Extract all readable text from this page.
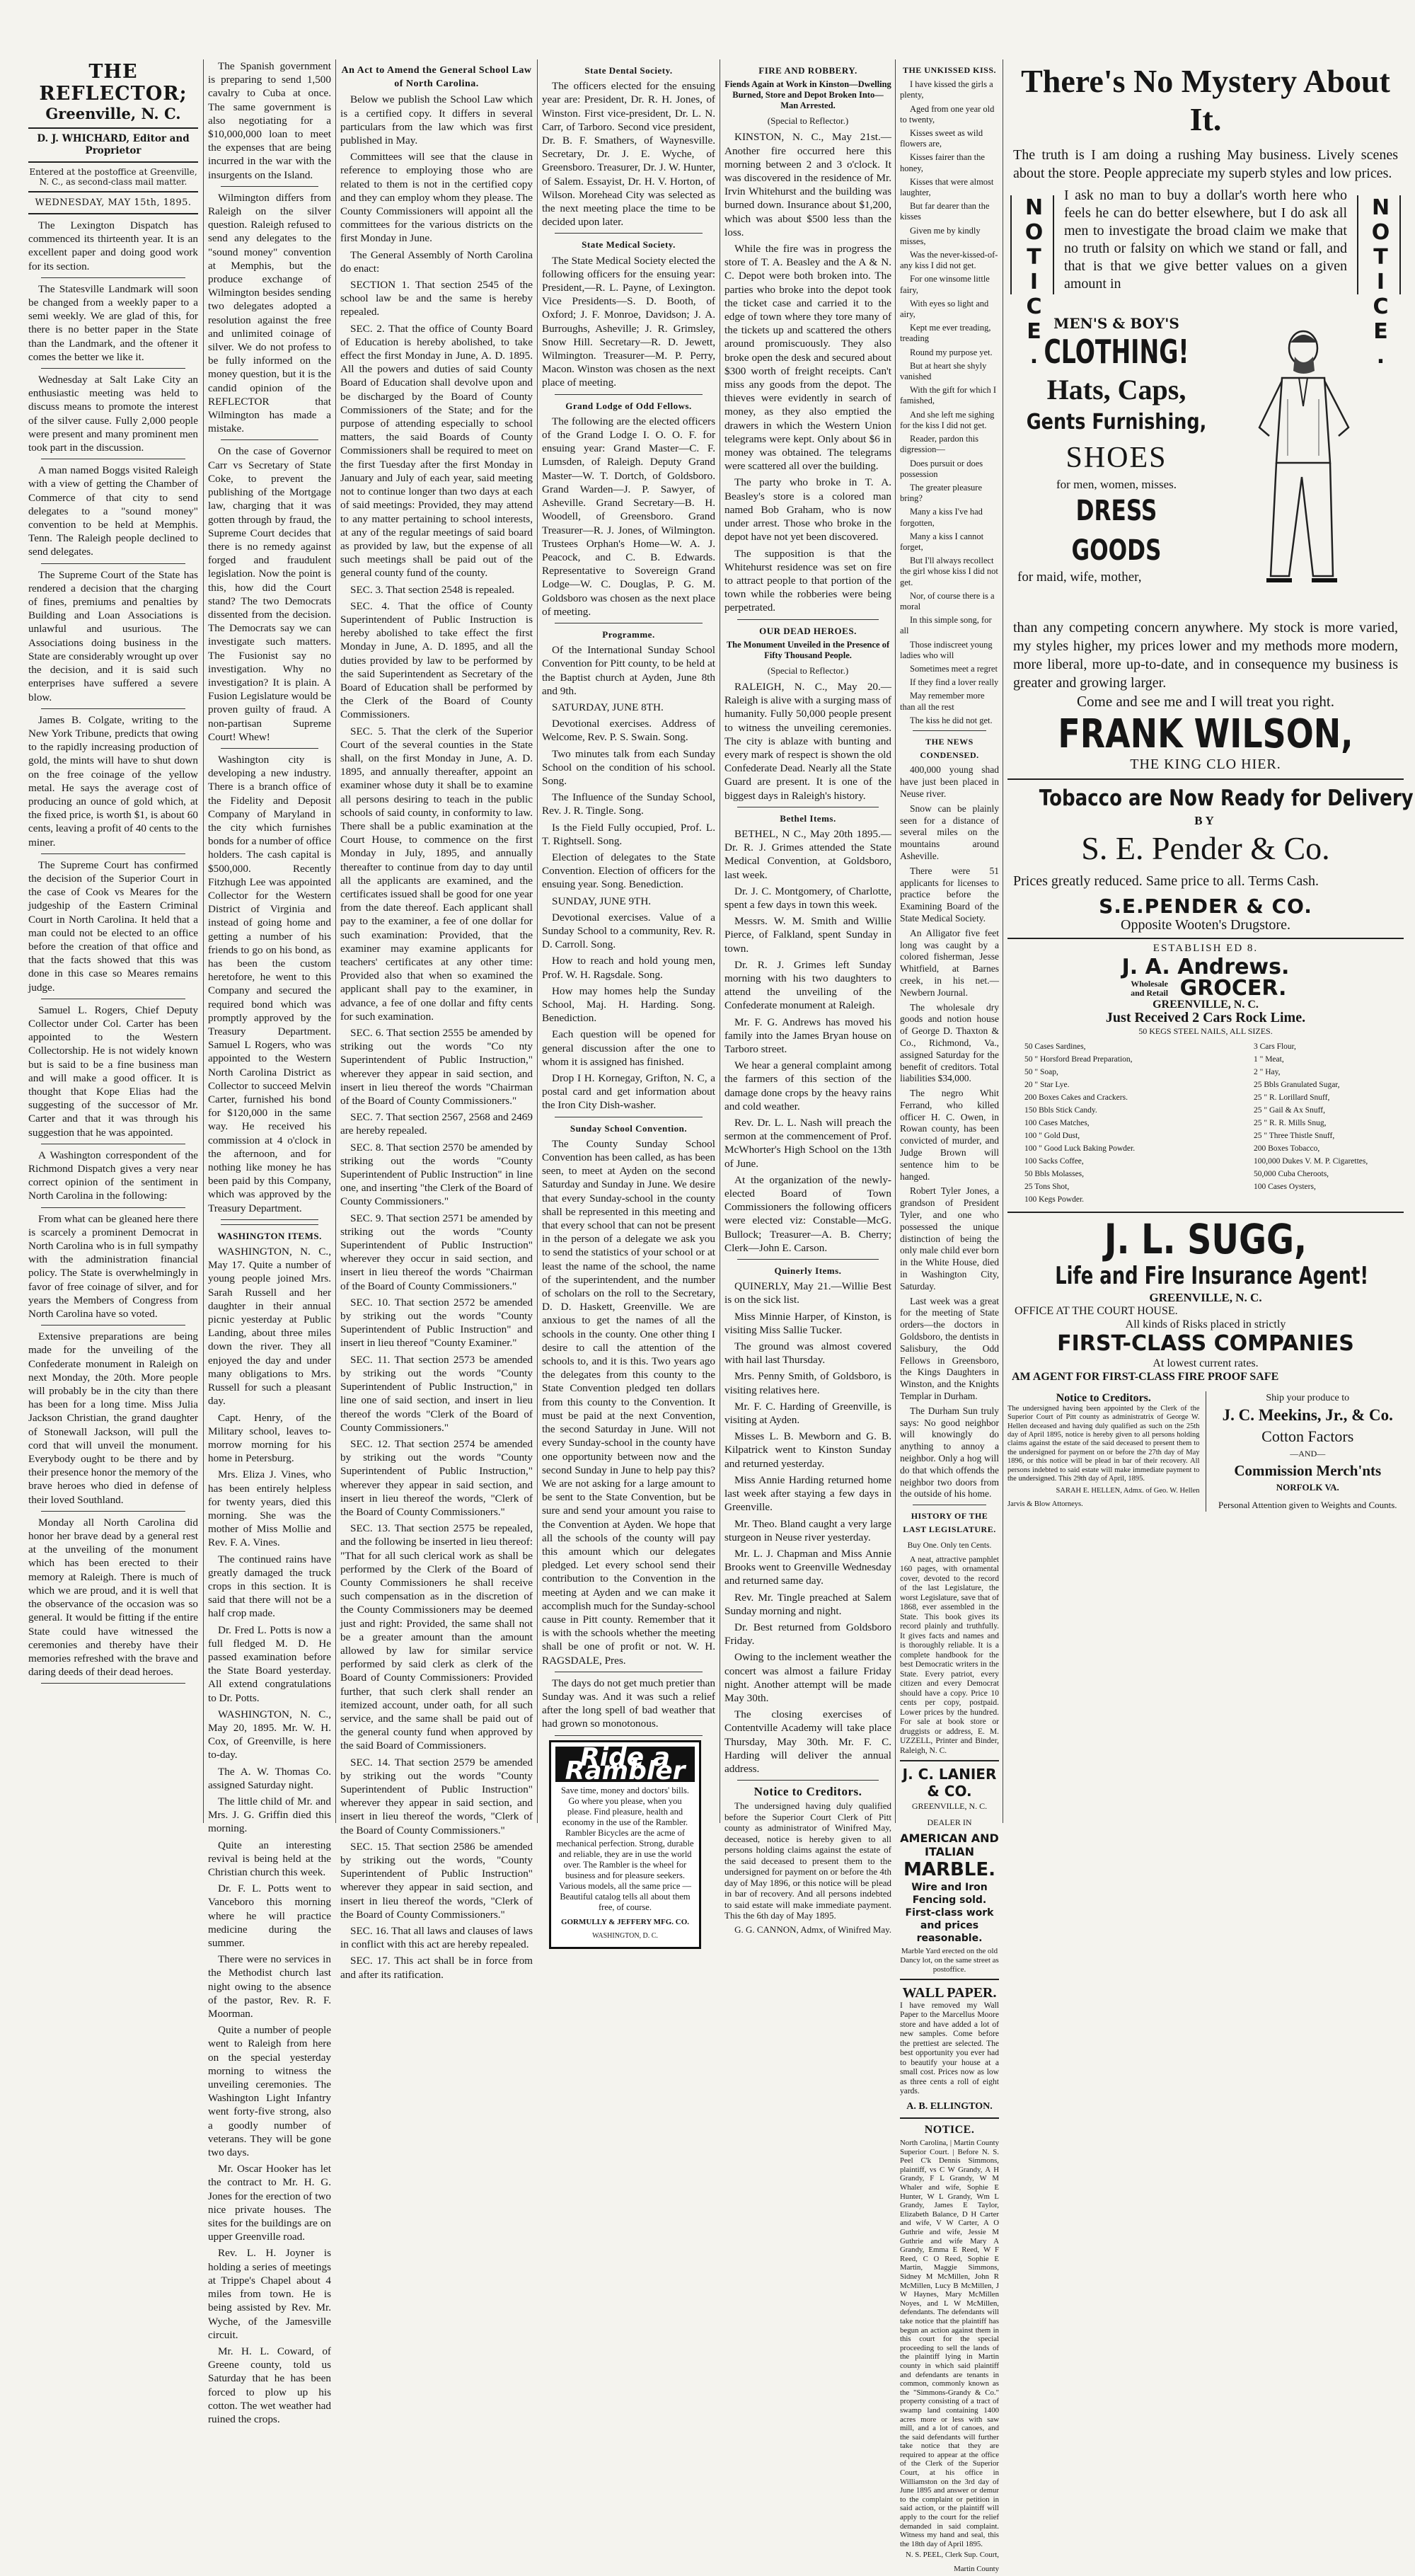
THE REFLECTOR;
Greenville, N. C.
D. J. WHICHARD, Editor and Proprietor
Entered at the postoffice at Greenville, N. C., as second-class mail matter.
WEDNESDAY, MAY 15th, 1895.
The Lexington Dispatch has commenced its thirteenth year. It is an excellent paper and doing good work for its section.
The Statesville Landmark will soon be changed from a weekly paper to a semi weekly. We are glad of this, for there is no better paper in the State than the Landmark, and the oftener it comes the better we like it.
Wednesday at Salt Lake City an enthusiastic meeting was held to discuss means to promote the interest of the silver cause. Fully 2,000 people were present and many prominent men took part in the discussion.
A man named Boggs visited Raleigh with a view of getting the Chamber of Commerce of that city to send delegates to a "sound money" convention to be held at Memphis. Tenn. The Raleigh people declined to send delegates.
The Supreme Court of the State has rendered a decision that the charging of fines, premiums and penalties by Building and Loan Associations is unlawful and usurious. The Associations doing business in the State are considerably wrought up over the decision, and it is said such enterprises have suffered a severe blow.
James B. Colgate, writing to the New York Tribune, predicts that owing to the rapidly increasing production of gold, the mints will have to shut down on the free coinage of the yellow metal. He says the average cost of producing an ounce of gold which, at the fixed price, is worth $1, is about 60 cents, leaving a profit of 40 cents to the miner.
The Supreme Court has confirmed the decision of the Superior Court in the case of Cook vs Meares for the judgeship of the Eastern Criminal Court in North Carolina. It held that a man could not be elected to an office before the creation of that office and that the facts showed that this was done in this case so Meares remains judge.
Samuel L. Rogers, Chief Deputy Collector under Col. Carter has been appointed to the Western Collectorship. He is not widely known but is said to be a fine business man and will make a good officer. It is thought that Kope Elias had the suggesting of the successor of Mr. Carter and that it was through his suggestion that he was appointed.
A Washington correspondent of the Richmond Dispatch gives a very near correct opinion of the sentiment in North Carolina in the following:
From what can be gleaned here there is scarcely a prominent Democrat in North Carolina who is in full sympathy with the administration financial policy. The State is overwhelmingly in favor of free coinage of silver, and for years the Members of Congress from North Carolina have so voted.
Extensive preparations are being made for the unveiling of the Confederate monument in Raleigh on next Monday, the 20th. More people will probably be in the city than there has been for a long time. Miss Julia Jackson Christian, the grand daughter of Stonewall Jackson, will pull the cord that will unveil the monument. Everybody ought to be there and by their presence honor the memory of the brave heroes who died in defense of their loved Southland.
Monday all North Carolina did honor her brave dead by a general rest at the unveiling of the monument which has been erected to their memory at Raleigh. There is much of which we are proud, and it is well that the observance of the occasion was so general. It would be fitting if the entire State could have witnessed the ceremonies and thereby have their memories refreshed with the brave and daring deeds of their dead heroes.
The Spanish government is preparing to send 1,500 cavalry to Cuba at once. The same government is also negotiating for a $10,000,000 loan to meet the expenses that are being incurred in the war with the insurgents on the Island.
Wilmington differs from Raleigh on the silver question. Raleigh refused to send any delegates to the "sound money" convention at Memphis, but the produce exchange of Wilmington besides sending two delegates adopted a resolution against the free and unlimited coinage of silver. We do not profess to be fully informed on the money question, but it is the candid opinion of the REFLECTOR that Wilmington has made a mistake.
On the case of Governor Carr vs Secretary of State Coke, to prevent the publishing of the Mortgage law, charging that it was gotten through by fraud, the Supreme Court decides that there is no remedy against forged and fraudulent legislation. Now the point is this, how did the Court stand? The two Democrats dissented from the decision. The Democrats say we can investigate such matters. The Fusionist say no investigation. Why no investigation? It is plain. A Fusion Legislature would be proven guilty of fraud. A non-partisan Supreme Court! Whew!
Washington city is developing a new industry. There is a branch office of the Fidelity and Deposit Company of Maryland in the city which furnishes bonds for a number of office holders. The cash capital is $500,000. Recently Fitzhugh Lee was appointed Collector for the Western District of Virginia and instead of going home and getting a number of his friends to go on his bond, as has been the custom heretofore, he went to this Company and secured the required bond which was promptly approved by the Treasury Department. Samuel L Rogers, who was appointed to the Western North Carolina District as Collector to succeed Melvin Carter, furnished his bond for $120,000 in the same way. He received his commission at 4 o'clock in the afternoon, and for nothing like money he has been paid by this Company, which was approved by the Treasury Department.
WASHINGTON ITEMS.
WASHINGTON, N. C., May 17. Quite a number of young people joined Mrs. Sarah Russell and her daughter in their annual picnic yesterday at Public Landing, about three miles down the river. They all enjoyed the day and under many obligations to Mrs. Russell for such a pleasant day.
Capt. Henry, of the Military school, leaves to-morrow morning for his home in Petersburg.
Mrs. Eliza J. Vines, who has been entirely helpless for twenty years, died this morning. She was the mother of Miss Mollie and Rev. F. A. Vines.
The continued rains have greatly damaged the truck crops in this section. It is said that there will not be a half crop made.
Dr. Fred L. Potts is now a full fledged M. D. He passed examination before the State Board yesterday. All extend congratulations to Dr. Potts.
WASHINGTON, N. C., May 20, 1895. Mr. W. H. Cox, of Greenville, is here to-day.
The A. W. Thomas Co. assigned Saturday night.
The little child of Mr. and Mrs. J. G. Griffin died this morning.
Quite an interesting revival is being held at the Christian church this week.
Dr. F. L. Potts went to Vanceboro this morning where he will practice medicine during the summer.
There were no services in the Methodist church last night owing to the absence of the pastor, Rev. R. F. Moorman.
Quite a number of people went to Raleigh from here on the special yesterday morning to witness the unveiling ceremonies. The Washington Light Infantry went forty-five strong, also a goodly number of veterans. They will be gone two days.
Mr. Oscar Hooker has let the contract to Mr. H. G. Jones for the erection of two nice private houses. The sites for the buildings are on upper Greenville road.
Rev. L. H. Joyner is holding a series of meetings at Trippe's Chapel about 4 miles from town. He is being assisted by Rev. Mr. Wyche, of the Jamesville circuit.
Mr. H. L. Coward, of Greene county, told us Saturday that he has been forced to plow up his cotton. The wet weather had ruined the crops.
An Act to Amend the General School Law of North Carolina.
Below we publish the School Law which is a certified copy. It differs in several particulars from the law which was first published in May.
Committees will see that the clause in reference to employing those who are related to them is not in the certified copy and they can employ whom they please. The County Commissioners will appoint all the committees for the various districts on the first Monday in June.
The General Assembly of North Carolina do enact:
SECTION 1. That section 2545 of the school law be and the same is hereby repealed.
SEC. 2. That the office of County Board of Education is hereby abolished, to take effect the first Monday in June, A. D. 1895. All the powers and duties of said County Board of Education shall devolve upon and be discharged by the Board of County Commissioners of the State; and for the purpose of attending especially to school matters, the said Boards of County Commissioners shall be required to meet on the first Tuesday after the first Monday in January and July of each year, said meeting not to continue longer than two days at each of said meetings: Provided, they may attend to any matter pertaining to school interests, at any of the regular meetings of said board as provided by law, but the expense of all such meetings shall be paid out of the general county fund of the county.
SEC. 3. That section 2548 is repealed.
SEC. 4. That the office of County Superintendent of Public Instruction is hereby abolished to take effect the first Monday in June, A. D. 1895, and all the duties provided by law to be performed by the said Superintendent as Secretary of the Board of Education shall be performed by the Clerk of the Board of County Commissioners.
SEC. 5. That the clerk of the Superior Court of the several counties in the State shall, on the first Monday in June, A. D. 1895, and annually thereafter, appoint an examiner whose duty it shall be to examine all persons desiring to teach in the public schools of said county, in conformity to law. There shall be a public examination at the Court House, to commence on the first Monday in July, 1895, and annually thereafter to continue from day to day until all the applicants are examined, and the certificates issued shall be good for one year from the date thereof. Each applicant shall pay to the examiner, a fee of one dollar for such examination: Provided, that the examiner may examine applicants for teachers' certificates at any other time: Provided also that when so examined the applicant shall pay to the examiner, in advance, a fee of one dollar and fifty cents for such examination.
SEC. 6. That section 2555 be amended by striking out the words "Co nty Superintendent of Public Instruction," wherever they appear in said section, and insert in lieu thereof the words "Chairman of the Board of County Commissioners."
SEC. 7. That section 2567, 2568 and 2469 are hereby repealed.
SEC. 8. That section 2570 be amended by striking out the words "County Superintendent of Public Instruction" in line one, and inserting "the Clerk of the Board of County Commissioners."
SEC. 9. That section 2571 be amended by striking out the words "County Superintendent of Public Instruction" wherever they occur in said section, and insert in lieu thereof the words "Chairman of the Board of County Commissioners."
SEC. 10. That section 2572 be amended by striking out the words "County Superintendent of Public Instruction" and insert in lieu thereof "County Examiner."
SEC. 11. That section 2573 be amended by striking out the words "County Superintendent of Public Instruction," in line one of said section, and insert in lieu thereof the words "Clerk of the Board of County Commissioners."
SEC. 12. That section 2574 be amended by striking out the words "County Superintendent of Public Instruction," wherever they appear in said section, and insert in lieu thereof the words, "Clerk of the Board of County Commissioners."
SEC. 13. That section 2575 be repealed, and the following be inserted in lieu thereof: "That for all such clerical work as shall be performed by the Clerk of the Board of County Commissioners he shall receive such compensation as in the discretion of the County Commissioners may be deemed just and right: Provided, the same shall not be a greater amount than the amount allowed by law for similar service performed by said clerk as clerk of the Board of County Commissioners: Provided further, that such clerk shall render an itemized account, under oath, for all such service, and the same shall be paid out of the general county fund when approved by the said Board of Commissioners.
SEC. 14. That section 2579 be amended by striking out the words "County Superintendent of Public Instruction" wherever they appear in said section, and insert in lieu thereof the words, "Clerk of the Board of County Commissioners."
SEC. 15. That section 2586 be amended by striking out the words, "County Superintendent of Public Instruction" wherever they appear in said section, and insert in lieu thereof the words, "Clerk of the Board of County Commissioners."
SEC. 16. That all laws and clauses of laws in conflict with this act are hereby repealed.
SEC. 17. This act shall be in force from and after its ratification.
State Dental Society.
The officers elected for the ensuing year are: President, Dr. R. H. Jones, of Winston. First vice-president, Dr. L. N. Carr, of Tarboro. Second vice president, Dr. B. F. Smathers, of Waynesville. Secretary, Dr. J. E. Wyche, of Greensboro. Treasurer, Dr. J. W. Hunter, of Salem. Essayist, Dr. H. V. Horton, of Wilson. Morehead City was selected as the next meeting place the time to be decided upon later.
State Medical Society.
The State Medical Society elected the following officers for the ensuing year: President,—R. L. Payne, of Lexington. Vice Presidents—S. D. Booth, of Oxford; J. F. Monroe, Davidson; J. A. Burroughs, Asheville; J. R. Grimsley, Snow Hill. Secretary—R. D. Jewett, Wilmington. Treasurer—M. P. Perry, Macon. Winston was chosen as the next place of meeting.
Grand Lodge of Odd Fellows.
The following are the elected officers of the Grand Lodge I. O. O. F. for ensuing year: Grand Master—C. F. Lumsden, of Raleigh. Deputy Grand Master—W. T. Dortch, of Goldsboro. Grand Warden—J. P. Sawyer, of Asheville. Grand Secretary—B. H. Woodell, of Greensboro. Grand Treasurer—R. J. Jones, of Wilmington. Trustees Orphan's Home—W. A. J. Peacock, and C. B. Edwards. Representative to Sovereign Grand Lodge—W. C. Douglas, P. G. M. Goldsboro was chosen as the next place of meeting.
Programme.
Of the International Sunday School Convention for Pitt county, to be held at the Baptist church at Ayden, June 8th and 9th.
SATURDAY, JUNE 8TH.
Devotional exercises. Address of Welcome, Rev. P. S. Swain. Song.
Two minutes talk from each Sunday School on the condition of his school. Song.
The Influence of the Sunday School, Rev. J. R. Tingle. Song.
Is the Field Fully occupied, Prof. L. T. Rightsell. Song.
Election of delegates to the State Convention. Election of officers for the ensuing year. Song. Benediction.
SUNDAY, JUNE 9TH.
Devotional exercises. Value of a Sunday School to a community, Rev. R. D. Carroll. Song.
How to reach and hold young men, Prof. W. H. Ragsdale. Song.
How may homes help the Sunday School, Maj. H. Harding. Song. Benediction.
Each question will be opened for general discussion after the one to whom it is assigned has finished.
Drop I H. Kornegay, Grifton, N. C, a postal card and get information about the Iron City Dish-washer.
Sunday School Convention.
The County Sunday School Convention has been called, as has been seen, to meet at Ayden on the second Saturday and Sunday in June. We desire that every Sunday-school in the county shall be represented in this meeting and that every school that can not be present in the person of a delegate we ask you to send the statistics of your school or at least the name of the school, the name of the superintendent, and the number of scholars on the roll to the Secretary, D. D. Haskett, Greenville. We are anxious to get the names of all the schools in the county. One other thing I desire to call the attention of the schools to, and it is this. Two years ago the delegates from this county to the State Convention pledged ten dollars from this county to the Convention. It must be paid at the next Convention, the second Saturday in June. Will not every Sunday-school in the county have one opportunity between now and the second Sunday in June to help pay this? We are not asking for a large amount to be sent to the State Convention, but be sure and send your amount you raise to the Convention at Ayden. We hope that all the schools of the county will pay this amount which our delegates pledged. Let every school send their contribution to the Convention in the meeting at Ayden and we can make it accomplish much for the Sunday-school cause in Pitt county. Remember that it is with the schools whether the meeting shall be one of profit or not. W. H. RAGSDALE, Pres.
The days do not get much pretier than Sunday was. And it was such a relief after the long spell of bad weather that had grown so monotonous.
Ride a Rambler
Save time, money and doctors' bills. Go where you please, when you please. Find pleasure, health and economy in the use of the Rambler. Rambler Bicycles are the acme of mechanical perfection. Strong, durable and reliable, they are in use the world over. The Rambler is the wheel for business and for pleasure seekers. Various models, all the same price —Beautiful catalog tells all about them free, of course.
GORMULLY & JEFFERY MFG. CO.
WASHINGTON, D. C.
FIRE AND ROBBERY.
Fiends Again at Work in Kinston—Dwelling Burned, Store and Depot Broken Into—Man Arrested.
(Special to Reflector.)
KINSTON, N. C., May 21st.—Another fire occurred here this morning between 2 and 3 o'clock. It was discovered in the residence of Mr. Irvin Whitehurst and the building was burned down. Insurance about $1,200, which was about $500 less than the loss.
While the fire was in progress the store of T. A. Beasley and the A & N. C. Depot were both broken into. The parties who broke into the depot took the ticket case and carried it to the edge of town where they tore many of the tickets up and scattered the others around promiscuously. They also broke open the desk and secured about $300 worth of freight receipts. Can't miss any goods from the depot. The thieves were evidently in search of money, as they also emptied the drawers in which the Western Union telegrams were kept. Only about $6 in money was obtained. The telegrams were scattered all over the building.
The party who broke in T. A. Beasley's store is a colored man named Bob Graham, who is now under arrest. Those who broke in the depot have not yet been discovered.
The supposition is that the Whitehurst residence was set on fire to attract people to that portion of the town while the robberies were being perpetrated.
OUR DEAD HEROES.
The Monument Unveiled in the Presence of Fifty Thousand People.
(Special to Reflector.)
RALEIGH, N. C., May 20.—Raleigh is alive with a surging mass of humanity. Fully 50,000 people present to witness the unveiling ceremonies. The city is ablaze with bunting and every mark of respect is shown the old Confederate Dead. Nearly all the State Guard are present. It is one of the biggest days in Raleigh's history.
Bethel Items.
BETHEL, N C., May 20th 1895.—Dr. R. J. Grimes attended the State Medical Convention, at Goldsboro, last week.
Dr. J. C. Montgomery, of Charlotte, spent a few days in town this week.
Messrs. W. M. Smith and Willie Pierce, of Falkland, spent Sunday in town.
Dr. R. J. Grimes left Sunday morning with his two daughters to attend the unveiling of the Confederate monument at Raleigh.
Mr. F. G. Andrews has moved his family into the James Bryan house on Tarboro street.
We hear a general complaint among the farmers of this section of the damage done crops by the heavy rains and cold weather.
Rev. Dr. L. L. Nash will preach the sermon at the commencement of Prof. McWhorter's High School on the 13th of June.
At the organization of the newly-elected Board of Town Commissioners the following officers were elected viz: Constable—McG. Bullock; Treasurer—A. B. Cherry; Clerk—John E. Carson.
Quinerly Items.
QUINERLY, May 21.—Willie Best is on the sick list.
Miss Minnie Harper, of Kinston, is visiting Miss Sallie Tucker.
The ground was almost covered with hail last Thursday.
Mrs. Penny Smith, of Goldsboro, is visiting relatives here.
Mr. F. C. Harding of Greenville, is visiting at Ayden.
Misses L. B. Mewborn and G. B. Kilpatrick went to Kinston Sunday and returned yesterday.
Miss Annie Harding returned home last week after staying a few days in Greenville.
Mr. Theo. Bland caught a very large sturgeon in Neuse river yesterday.
Mr. L. J. Chapman and Miss Annie Brooks went to Greenville Wednesday and returned same day.
Rev. Mr. Tingle preached at Salem Sunday morning and night.
Dr. Best returned from Goldsboro Friday.
Owing to the inclement weather the concert was almost a failure Friday night. Another attempt will be made May 30th.
The closing exercises of Contentville Academy will take place Thursday, May 30th. Mr. F. C. Harding will deliver the annual address.
Notice to Creditors.
The undersigned having duly qualified before the Superior Court Clerk of Pitt county as administrator of Winifred May, deceased, notice is hereby given to all persons holding claims against the estate of the said deceased to present them to the undersigned for payment on or before the 4th day of May 1896, or this notice will be plead in bar of recovery. And all persons indebted to said estate will make immediate payment. This the 6th day of May 1895.
G. G. CANNON, Admx, of Winifred May.
THE UNKISSED KISS.
I have kissed the girls a plenty,
Aged from one year old to twenty,
Kisses sweet as wild flowers are,
Kisses fairer than the honey,
Kisses that were almost laughter,
But far dearer than the kisses
Given me by kindly misses,
Was the never-kissed-of-any kiss I did not get.
For one winsome little fairy,
With eyes so light and airy,
Kept me ever treading, treading
Round my purpose yet.
But at heart she shyly vanished
With the gift for which I famished,
And she left me sighing for the kiss I did not get.
Reader, pardon this digression—
Does pursuit or does possession
The greater pleasure bring?
Many a kiss I've had forgotten,
Many a kiss I cannot forget,
But I'll always recollect the girl whose kiss I did not get.
Nor, of course there is a moral
In this simple song, for all
Those indiscreet young ladies who will
Sometimes meet a regret
If they find a lover really
May remember more than all the rest
The kiss he did not get.
THE NEWS CONDENSED.
400,000 young shad have just been placed in Neuse river.
Snow can be plainly seen for a distance of several miles on the mountains around Asheville.
There were 51 applicants for licenses to practice before the Examining Board of the State Medical Society.
An Alligator five feet long was caught by a colored fisherman, Jesse Whitfield, at Barnes creek, in his net.—Newbern Journal.
The wholesale dry goods and notion house of George D. Thaxton & Co., Richmond, Va., assigned Saturday for the benefit of creditors. Total liabilities $34,000.
The negro Whit Ferrand, who killed officer H. C. Owen, in Rowan county, has been convicted of murder, and Judge Brown will sentence him to be hanged.
Robert Tyler Jones, a grandson of President Tyler, and one who possessed the unique distinction of being the only male child ever born in the White House, died in Washington City, Saturday.
Last week was a great for the meeting of State orders—the doctors in Goldsboro, the dentists in Salisbury, the Odd Fellows in Greensboro, the Kings Daughters in Winston, and the Knights Templar in Durham.
The Durham Sun truly says: No good neighbor will knowingly do anything to annoy a neighbor. Only a hog will do that which offends the neighbor two doors from the outside of his home.
HISTORY OF THE LAST LEGISLATURE.
Buy One. Only ten Cents.
A neat, attractive pamphlet 160 pages, with ornamental cover, devoted to the record of the last Legislature, the worst Legislature, save that of 1868, ever assembled in the State. This book gives its record plainly and truthfully. It gives facts and names and is thoroughly reliable. It is a complete handbook for the best Democratic writers in the State. Every patriot, every citizen and every Democrat should have a copy. Price 10 cents per copy, postpaid. Lower prices by the hundred. For sale at book store or druggists or address, E. M. UZZELL, Printer and Binder, Raleigh, N. C.
J. C. LANIER & CO.
GREENVILLE, N. C.
DEALER IN
AMERICAN AND ITALIAN
MARBLE.
Wire and Iron Fencing sold. First-class work and prices reasonable.
Marble Yard erected on the old Dancy lot, on the same street as postoffice.
WALL PAPER.
I have removed my Wall Paper to the Marcellus Moore store and have added a lot of new samples. Come before the prettiest are selected. The best opportunity you ever had to beautify your house at a small cost. Prices now as low as three cents a roll of eight yards.
A. B. ELLINGTON.
NOTICE.
North Carolina, | Martin County Superior Court. | Before N. S. Peel C'k Dennis Simmons, plaintiff, vs C W Grandy, A H Grandy, F L Grandy, W M Whaler and wife, Sophie E Hunter, W L Grandy, Wm L Grandy, James E Taylor, Elizabeth Balance, D H Carter and wife, V W Carter, A O Guthrie and wife, Jessie M Guthrie and wife Mary A Grandy, Emma E Reed, W F Reed, C O Reed, Sophie E Martin, Maggie Simmons, Sidney M McMillen, John R McMillen, Lucy B McMillen, J W Haynes, Mary McMillen Noyes, and L W McMillen, defendants. The defendants will take notice that the plaintiff has begun an action against them in this court for the special proceeding to sell the lands of the plaintiff lying in Martin county in which said plaintiff and defendants are tenants in common, commonly known as the "Simmons-Grandy & Co." property consisting of a tract of swamp land containing 1400 acres more or less with saw mill, and a lot of canoes, and the said defendants will further take notice that they are required to appear at the office of the Clerk of the Superior Court, at his office in Williamston on the 3rd day of June 1895 and answer or demur to the complaint or petition in said action, or the plaintiff will apply to the court for the relief demanded in said complaint. Witness my hand and seal, this the 18th day of April 1895.
N. S. PEEL, Clerk Sup. Court, Martin County
There's No Mystery About It.
The truth is I am doing a rushing May business. Lively scenes about the store. People appreciate my superb styles and low prices.
NOTICE.	NOTICE.
I ask no man to buy a dollar's worth here who feels he can do better elsewhere, but I do ask all men to investigate the broad claim we make that no truth or falsity on which we stand or fall, and that is that we give better values on a given amount in
MEN'S & BOY'S
CLOTHING!
Hats, Caps,
Gents Furnishing,
SHOES
for men, women, misses.
DRESS GOODS
for maid, wife, mother,
than any competing concern anywhere. My stock is more varied, my styles higher, my prices lower and my methods more modern, more liberal, more up-to-date, and in consequence my business is greater and growing larger.
Come and see me and I will treat you right.
FRANK WILSON,
THE KING CLO HIER.
Tobacco are Now Ready for Delivery
BY
S. E. Pender & Co.
Prices greatly reduced. Same price to all. Terms Cash.
S.E.PENDER & CO.
Opposite Wooten's Drugstore.
ESTABLISH ED 8.
J. A. Andrews.
Wholesale and Retail GROCER.
GREENVILLE, N. C.
Just Received 2 Cars Rock Lime.
50 KEGS STEEL NAILS, ALL SIZES.
50 Cases Sardines,
50 " Horsford Bread Preparation,
50 " Soap,
20 " Star Lye.
200 Boxes Cakes and Crackers.
150 Bbls Stick Candy.
100 Cases Matches,
100 " Gold Dust,
100 " Good Luck Baking Powder.
100 Sacks Coffee,
50 Bbls Molasses,
25 Tons Shot,
100 Kegs Powder.
3 Cars Flour,
1 " Meat,
2 " Hay,
25 Bbls Granulated Sugar,
25 " R. Lorillard Snuff,
25 " Gail & Ax Snuff,
25 " R. R. Mills Snug,
25 " Three Thistle Snuff,
200 Boxes Tobacco,
100,000 Dukes V. M. P. Cigarettes,
50,000 Cuba Cheroots,
100 Cases Oysters,
J. L. SUGG,
Life and Fire Insurance Agent!
GREENVILLE, N. C.
OFFICE AT THE COURT HOUSE.
All kinds of Risks placed in strictly
FIRST-CLASS COMPANIES
At lowest current rates.
AM AGENT FOR FIRST-CLASS FIRE PROOF SAFE
Notice to Creditors.
The undersigned having been appointed by the Clerk of the Superior Court of Pitt county as administratrix of George W. Hellen deceased and having duly qualified as such on the 25th day of April 1895, notice is hereby given to all persons holding claims against the estate of the said deceased to present them to the undersigned for payment on or before the 27th day of May 1896, or this notice will be plead in bar of their recovery. All persons indebted to said estate will make immediate payment to the undersigned. This 29th day of April, 1895.
SARAH E. HELLEN, Admx. of Geo. W. Hellen
Jarvis & Blow Attorneys.
Ship your produce to
J. C. Meekins, Jr., & Co.
Cotton Factors
—AND—
Commission Merch'nts
NORFOLK VA.
Personal Attention given to Weights and Counts.
